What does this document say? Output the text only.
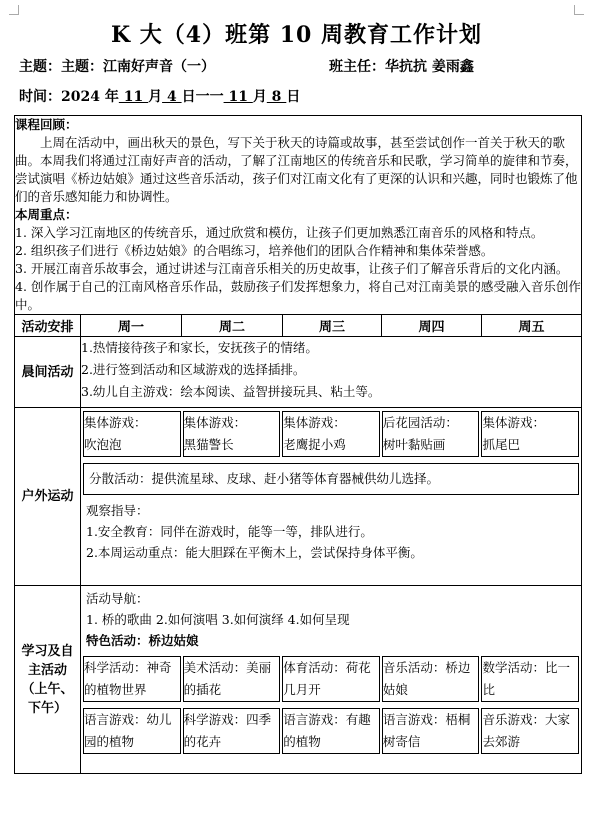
K 大（4）班第 10 周教育工作计划
主题：主题：江南好声音（一）	班主任：华抗抗 姜雨鑫
时间：2024 年 11 月 4 日一一 11 月 8 日
课程回顾：

上周在活动中，画出秋天的景色，写下关于秋天的诗篇或故事，甚至尝试创作一首关于秋天的歌曲。本周我们将通过江南好声音的活动，了解了江南地区的传统音乐和民歌，学习简单的旋律和节奏，尝试演唱《桥边姑娘》通过这些音乐活动，孩子们对江南文化有了更深的认识和兴趣，同时也锻炼了他们的音乐感知能力和协调性。

本周重点：

1. 深入学习江南地区的传统音乐，通过欣赏和模仿，让孩子们更加熟悉江南音乐的风格和特点。

2. 组织孩子们进行《桥边姑娘》的合唱练习，培养他们的团队合作精神和集体荣誉感。

3. 开展江南音乐故事会，通过讲述与江南音乐相关的历史故事，让孩子们了解音乐背后的文化内涵。

4. 创作属于自己的江南风格音乐作品，鼓励孩子们发挥想象力，将自己对江南美景的感受融入音乐创作中。

活动安排	周一	周二	周三	周四	周五
晨间活动	
1.热情接待孩子和家长，安抚孩子的情绪。
2.进行签到活动和区域游戏的选择插排。
3.幼儿自主游戏：绘本阅读、益智拼接玩具、粘土等。

户外运动	
集体游戏：
吹泡泡

集体游戏：
黑猫警长

集体游戏：
老鹰捉小鸡

后花园活动：
树叶黏贴画

集体游戏：
抓尾巴
分散活动：提供流星球、皮球、赶小猪等体育器械供幼儿选择。
观察指导：
1.安全教育：同伴在游戏时，能等一等，排队进行。
2.本周运动重点：能大胆踩在平衡木上，尝试保持身体平衡。

学习及自
主活动
（上午、
下午）

活动导航：
1. 桥的歌曲 2.如何演唱 3.如何演绎 4.如何呈现
特色活动：桥边姑娘
科学活动：神奇的植物世界	美术活动：美丽的插花	体育活动：荷花几月开	音乐活动：桥边姑娘	数学活动：比一比
语言游戏：幼儿园的植物	科学游戏：四季的花卉	语言游戏：有趣的植物	语言游戏：梧桐树寄信	音乐游戏：大家去郊游
